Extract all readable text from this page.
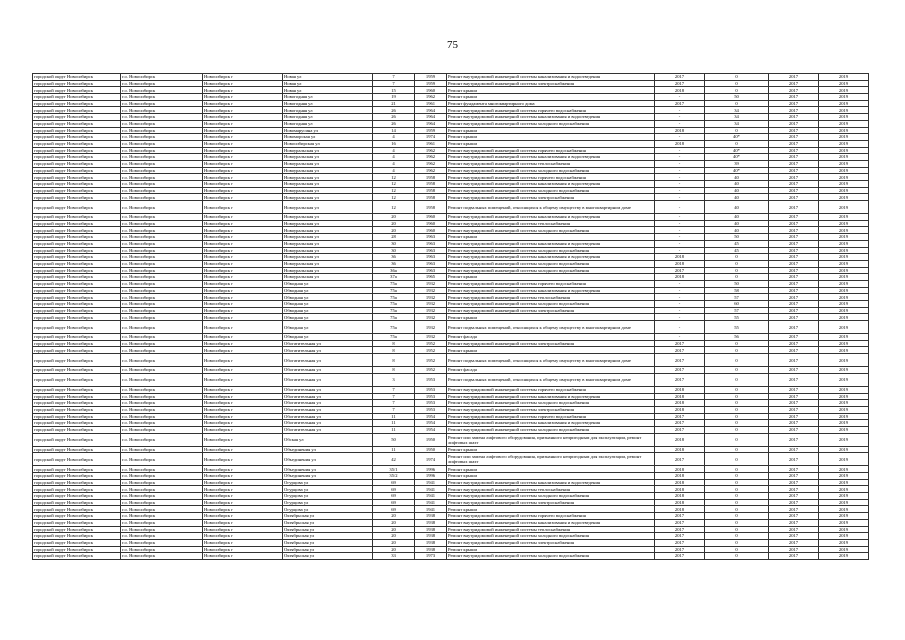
75
городской округ Новосибирск	г.о. Новосибирск	Новосибирск г	Новая ул	7	1959	Ремонт внутридомовой инженерной системы канализования и водоотведения	2017	0	2017	2019
городской округ Новосибирск	г.о. Новосибирск	Новосибирск г	Новая ул	7	1959	Ремонт внутридомовой инженерной системы электроснабжения	2017	0	2017	2019
городской округ Новосибирск	г.о. Новосибирск	Новосибирск г	Новая ул	15	1960	Ремонт крыши	2018	0	2017	2019
городской округ Новосибирск	г.о. Новосибирск	Новосибирск г	Новогодняя ул	19	1962	Ремонт крыши	-	50	2017	2019
городской округ Новосибирск	г.о. Новосибирск	Новосибирск г	Новогодняя ул	21	1961	Ремонт фундамента многоквартирного дома	2017	0	2017	2019
городской округ Новосибирск	г.о. Новосибирск	Новосибирск г	Новогодняя ул	26	1964	Ремонт внутридомовой инженерной системы горячего водоснабжения	-	34	2017	2019
городской округ Новосибирск	г.о. Новосибирск	Новосибирск г	Новогодняя ул	26	1964	Ремонт внутридомовой инженерной системы канализования и водоотведения	-	34	2017	2019
городской округ Новосибирск	г.о. Новосибирск	Новосибирск г	Новогодняя ул	26	1964	Ремонт внутридомовой инженерной системы холодного водоснабжения	-	34	2017	2019
городской округ Новосибирск	г.о. Новосибирск	Новосибирск г	Новомарусина ул	14	1959	Ремонт крыши	2018	0	2017	2019
городской округ Новосибирск	г.о. Новосибирск	Новосибирск г	Новоморская ул	4	1974	Ремонт крыши	-	40*	2017	2019
городской округ Новосибирск	г.о. Новосибирск	Новосибирск г	Новосибирская ул	16	1961	Ремонт крыши	2018	0	2017	2019
городской округ Новосибирск	г.о. Новосибирск	Новосибирск г	Новоуральская ул	4	1962	Ремонт внутридомовой инженерной системы горячего водоснабжения	-	40*	2017	2019
городской округ Новосибирск	г.о. Новосибирск	Новосибирск г	Новоуральская ул	4	1962	Ремонт внутридомовой инженерной системы канализования и водоотведения	-	40*	2017	2019
городской округ Новосибирск	г.о. Новосибирск	Новосибирск г	Новоуральская ул	4	1962	Ремонт внутридомовой инженерной системы теплоснабжения	-	39	2017	2019
городской округ Новосибирск	г.о. Новосибирск	Новосибирск г	Новоуральская ул	4	1962	Ремонт внутридомовой инженерной системы холодного водоснабжения	-	40*	2017	2019
городской округ Новосибирск	г.о. Новосибирск	Новосибирск г	Новоуральская ул	12	1958	Ремонт внутридомовой инженерной системы горячего водоснабжения	-	40	2017	2019
городской округ Новосибирск	г.о. Новосибирск	Новосибирск г	Новоуральская ул	12	1958	Ремонт внутридомовой инженерной системы канализования и водоотведения	-	40	2017	2019
городской округ Новосибирск	г.о. Новосибирск	Новосибирск г	Новоуральская ул	12	1958	Ремонт внутридомовой инженерной системы холодного водоснабжения	-	40	2017	2019
городской округ Новосибирск	г.о. Новосибирск	Новосибирск г	Новоуральская ул	12	1958	Ремонт внутридомовой инженерной системы электроснабжения	-	40	2017	2019
городской округ Новосибирск	г.о. Новосибирск	Новосибирск г	Новоуральская ул	12	1958	Ремонт подвальных помещений, относящихся к общему имуществу в многоквартирном доме	-	40	2017	2019
городской округ Новосибирск	г.о. Новосибирск	Новосибирск г	Новоуральская ул	20	1960	Ремонт внутридомовой инженерной системы канализования и водоотведения	-	40	2017	2019
городской округ Новосибирск	г.о. Новосибирск	Новосибирск г	Новоуральская ул	20	1960	Ремонт внутридомовой инженерной системы теплоснабжения	-	40	2017	2019
городской округ Новосибирск	г.о. Новосибирск	Новосибирск г	Новоуральская ул	20	1960	Ремонт внутридомовой инженерной системы холодного водоснабжения	-	40	2017	2019
городской округ Новосибирск	г.о. Новосибирск	Новосибирск г	Новоуральская ул	28	1963	Ремонт крыши	-	50	2017	2019
городской округ Новосибирск	г.о. Новосибирск	Новосибирск г	Новоуральская ул	30	1963	Ремонт внутридомовой инженерной системы канализования и водоотведения	-	45	2017	2019
городской округ Новосибирск	г.о. Новосибирск	Новосибирск г	Новоуральская ул	30	1963	Ремонт внутридомовой инженерной системы холодного водоснабжения	-	45	2017	2019
городской округ Новосибирск	г.о. Новосибирск	Новосибирск г	Новоуральская ул	36	1963	Ремонт внутридомовой инженерной системы канализования и водоотведения	2018	0	2017	2019
городской округ Новосибирск	г.о. Новосибирск	Новосибирск г	Новоуральская ул	36	1963	Ремонт внутридомовой инженерной системы холодного водоснабжения	2018	0	2017	2019
городской округ Новосибирск	г.о. Новосибирск	Новосибирск г	Новоуральская ул	36а	1963	Ремонт внутридомовой инженерной системы холодного водоснабжения	2017	0	2017	2019
городской округ Новосибирск	г.о. Новосибирск	Новосибирск г	Новоуральская ул	37а	1965	Ремонт крыши	2018	0	2017	2019
городской округ Новосибирск	г.о. Новосибирск	Новосибирск г	Обводная ул	75а	1932	Ремонт внутридомовой инженерной системы горячего водоснабжения	-	50	2017	2019
городской округ Новосибирск	г.о. Новосибирск	Новосибирск г	Обводная ул	75а	1932	Ремонт внутридомовой инженерной системы канализования и водоотведения	-	58	2017	2019
городской округ Новосибирск	г.о. Новосибирск	Новосибирск г	Обводная ул	75а	1932	Ремонт внутридомовой инженерной системы теплоснабжения	-	57	2017	2019
городской округ Новосибирск	г.о. Новосибирск	Новосибирск г	Обводная ул	75а	1932	Ремонт внутридомовой инженерной системы холодного водоснабжения	-	60	2017	2019
городской округ Новосибирск	г.о. Новосибирск	Новосибирск г	Обводная ул	75а	1932	Ремонт внутридомовой инженерной системы электроснабжения	-	57	2017	2019
городской округ Новосибирск	г.о. Новосибирск	Новосибирск г	Обводная ул	75а	1932	Ремонт крыши	-	55	2017	2019
городской округ Новосибирск	г.о. Новосибирск	Новосибирск г	Обводная ул	75а	1932	Ремонт подвальных помещений, относящихся к общему имуществу в многоквартирном доме	-	55	2017	2019
городской округ Новосибирск	г.о. Новосибирск	Новосибирск г	Обводная ул	75а	1932	Ремонт фасада	-	56	2017	2019
городской округ Новосибирск	г.о. Новосибирск	Новосибирск г	Обогатительная ул	8	1952	Ремонт внутридомовой инженерной системы электроснабжения	2017	0	2017	2019
городской округ Новосибирск	г.о. Новосибирск	Новосибирск г	Обогатительная ул	8	1952	Ремонт крыши	2017	0	2017	2019
городской округ Новосибирск	г.о. Новосибирск	Новосибирск г	Обогатительная ул	8	1952	Ремонт подвальных помещений, относящихся к общему имуществу в многоквартирном доме	2017	0	2017	2019
городской округ Новосибирск	г.о. Новосибирск	Новосибирск г	Обогатительная ул	8	1952	Ремонт фасада	2017	0	2017	2019
городской округ Новосибирск	г.о. Новосибирск	Новосибирск г	Обогатительная ул	3	1953	Ремонт подвальных помещений, относящихся к общему имуществу в многоквартирном доме	2017	0	2017	2019
городской округ Новосибирск	г.о. Новосибирск	Новосибирск г	Обогатительная ул	7	1953	Ремонт внутридомовой инженерной системы горячего водоснабжения	2018	0	2017	2019
городской округ Новосибирск	г.о. Новосибирск	Новосибирск г	Обогатительная ул	7	1953	Ремонт внутридомовой инженерной системы канализования и водоотведения	2018	0	2017	2019
городской округ Новосибирск	г.о. Новосибирск	Новосибирск г	Обогатительная ул	7	1953	Ремонт внутридомовой инженерной системы холодного водоснабжения	2018	0	2017	2019
городской округ Новосибирск	г.о. Новосибирск	Новосибирск г	Обогатительная ул	7	1953	Ремонт внутридомовой инженерной системы электроснабжения	2018	0	2017	2019
городской округ Новосибирск	г.о. Новосибирск	Новосибирск г	Обогатительная ул	11	1954	Ремонт внутридомовой инженерной системы горячего водоснабжения	2017	0	2017	2019
городской округ Новосибирск	г.о. Новосибирск	Новосибирск г	Обогатительная ул	11	1954	Ремонт внутридомовой инженерной системы канализования и водоотведения	2017	0	2017	2019
городской округ Новосибирск	г.о. Новосибирск	Новосибирск г	Обогатительная ул	11	1954	Ремонт внутридомовой инженерной системы холодного водоснабжения	2017	0	2017	2019
городской округ Новосибирск	г.о. Новосибирск	Новосибирск г	Обская ул	50	1950	Ремонт или замена лифтового оборудования, признанного непригодным для эксплуатации, ремонт лифтовых шахт	2018	0	2017	2019
городской округ Новосибирск	г.о. Новосибирск	Новосибирск г	Объединения ул	11	1950	Ремонт крыши	2018	0	2017	2019
городской округ Новосибирск	г.о. Новосибирск	Новосибирск г	Объединения ул	42	1974	Ремонт или замена лифтового оборудования, признанного непригодным для эксплуатации, ремонт лифтовых шахт	2017	0	2017	2019
городской округ Новосибирск	г.о. Новосибирск	Новосибирск г	Объединения ул	35/1	1996	Ремонт крыши	2018	0	2017	2019
городской округ Новосибирск	г.о. Новосибирск	Новосибирск г	Объединения ул	35/2	1996	Ремонт крыши	2018	0	2017	2019
городской округ Новосибирск	г.о. Новосибирск	Новосибирск г	Огурцова ул	69	1941	Ремонт внутридомовой инженерной системы канализования и водоотведения	2018	0	2017	2019
городской округ Новосибирск	г.о. Новосибирск	Новосибирск г	Огурцова ул	69	1941	Ремонт внутридомовой инженерной системы теплоснабжения	2018	0	2017	2019
городской округ Новосибирск	г.о. Новосибирск	Новосибирск г	Огурцова ул	69	1941	Ремонт внутридомовой инженерной системы холодного водоснабжения	2018	0	2017	2019
городской округ Новосибирск	г.о. Новосибирск	Новосибирск г	Огурцова ул	69	1941	Ремонт внутридомовой инженерной системы электроснабжения	2018	0	2017	2019
городской округ Новосибирск	г.о. Новосибирск	Новосибирск г	Огурцова ул	69	1941	Ремонт крыши	2018	0	2017	2019
городской округ Новосибирск	г.о. Новосибирск	Новосибирск г	Октябрьская ул	20	1938	Ремонт внутридомовой инженерной системы горячего водоснабжения	2017	0	2017	2019
городской округ Новосибирск	г.о. Новосибирск	Новосибирск г	Октябрьская ул	20	1938	Ремонт внутридомовой инженерной системы канализования и водоотведения	2017	0	2017	2019
городской округ Новосибирск	г.о. Новосибирск	Новосибирск г	Октябрьская ул	20	1938	Ремонт внутридомовой инженерной системы теплоснабжения	2017	0	2017	2019
городской округ Новосибирск	г.о. Новосибирск	Новосибирск г	Октябрьская ул	20	1938	Ремонт внутридомовой инженерной системы холодного водоснабжения	2017	0	2017	2019
городской округ Новосибирск	г.о. Новосибирск	Новосибирск г	Октябрьская ул	20	1938	Ремонт внутридомовой инженерной системы электроснабжения	2017	0	2017	2019
городской округ Новосибирск	г.о. Новосибирск	Новосибирск г	Октябрьская ул	20	1938	Ремонт крыши	2017	0	2017	2019
городской округ Новосибирск	г.о. Новосибирск	Новосибирск г	Октябрьская ул	33	1973	Ремонт внутридомовой инженерной системы холодного водоснабжения	2017	0	2017	2019
